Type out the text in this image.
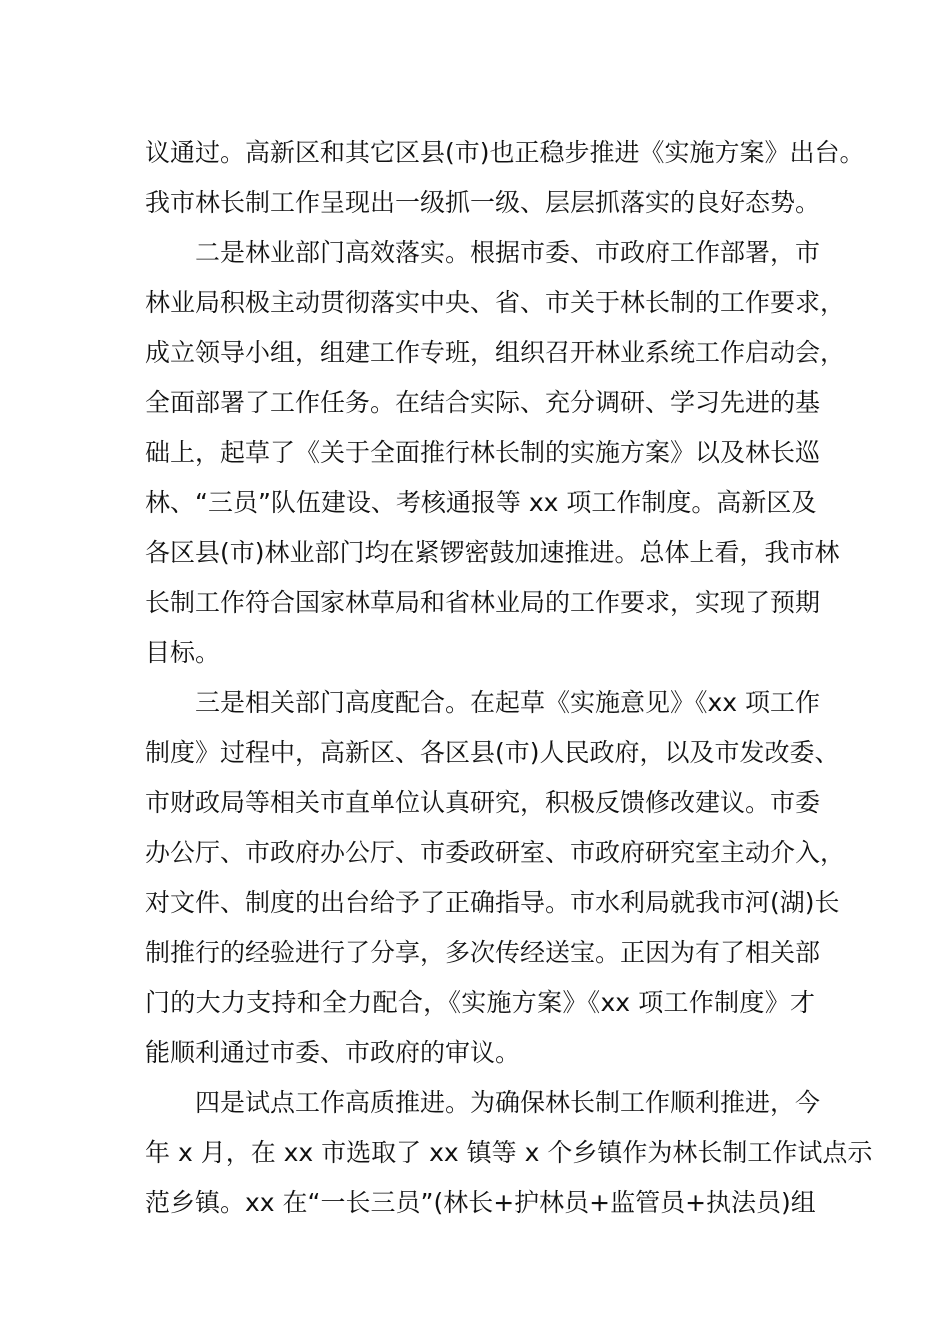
议通过。高新区和其它区县(市)也正稳步推进《实施方案》出台。
我市林长制工作呈现出一级抓一级、层层抓落实的良好态势。
　　二是林业部门高效落实。根据市委、市政府工作部署，市
林业局积极主动贯彻落实中央、省、市关于林长制的工作要求，
成立领导小组，组建工作专班，组织召开林业系统工作启动会，
全面部署了工作任务。在结合实际、充分调研、学习先进的基
础上，起草了《关于全面推行林长制的实施方案》以及林长巡
林、“三员”队伍建设、考核通报等 xx 项工作制度。高新区及
各区县(市)林业部门均在紧锣密鼓加速推进。总体上看，我市林
长制工作符合国家林草局和省林业局的工作要求，实现了预期
目标。
　　三是相关部门高度配合。在起草《实施意见》《xx 项工作
制度》过程中，高新区、各区县(市)人民政府，以及市发改委、
市财政局等相关市直单位认真研究，积极反馈修改建议。市委
办公厅、市政府办公厅、市委政研室、市政府研究室主动介入，
对文件、制度的出台给予了正确指导。市水利局就我市河(湖)长
制推行的经验进行了分享，多次传经送宝。正因为有了相关部
门的大力支持和全力配合，《实施方案》《xx 项工作制度》才
能顺利通过市委、市政府的审议。
　　四是试点工作高质推进。为确保林长制工作顺利推进，今
年 x 月，在 xx 市选取了 xx 镇等 x 个乡镇作为林长制工作试点示
范乡镇。xx 在“一长三员”(林长+护林员+监管员+执法员)组
